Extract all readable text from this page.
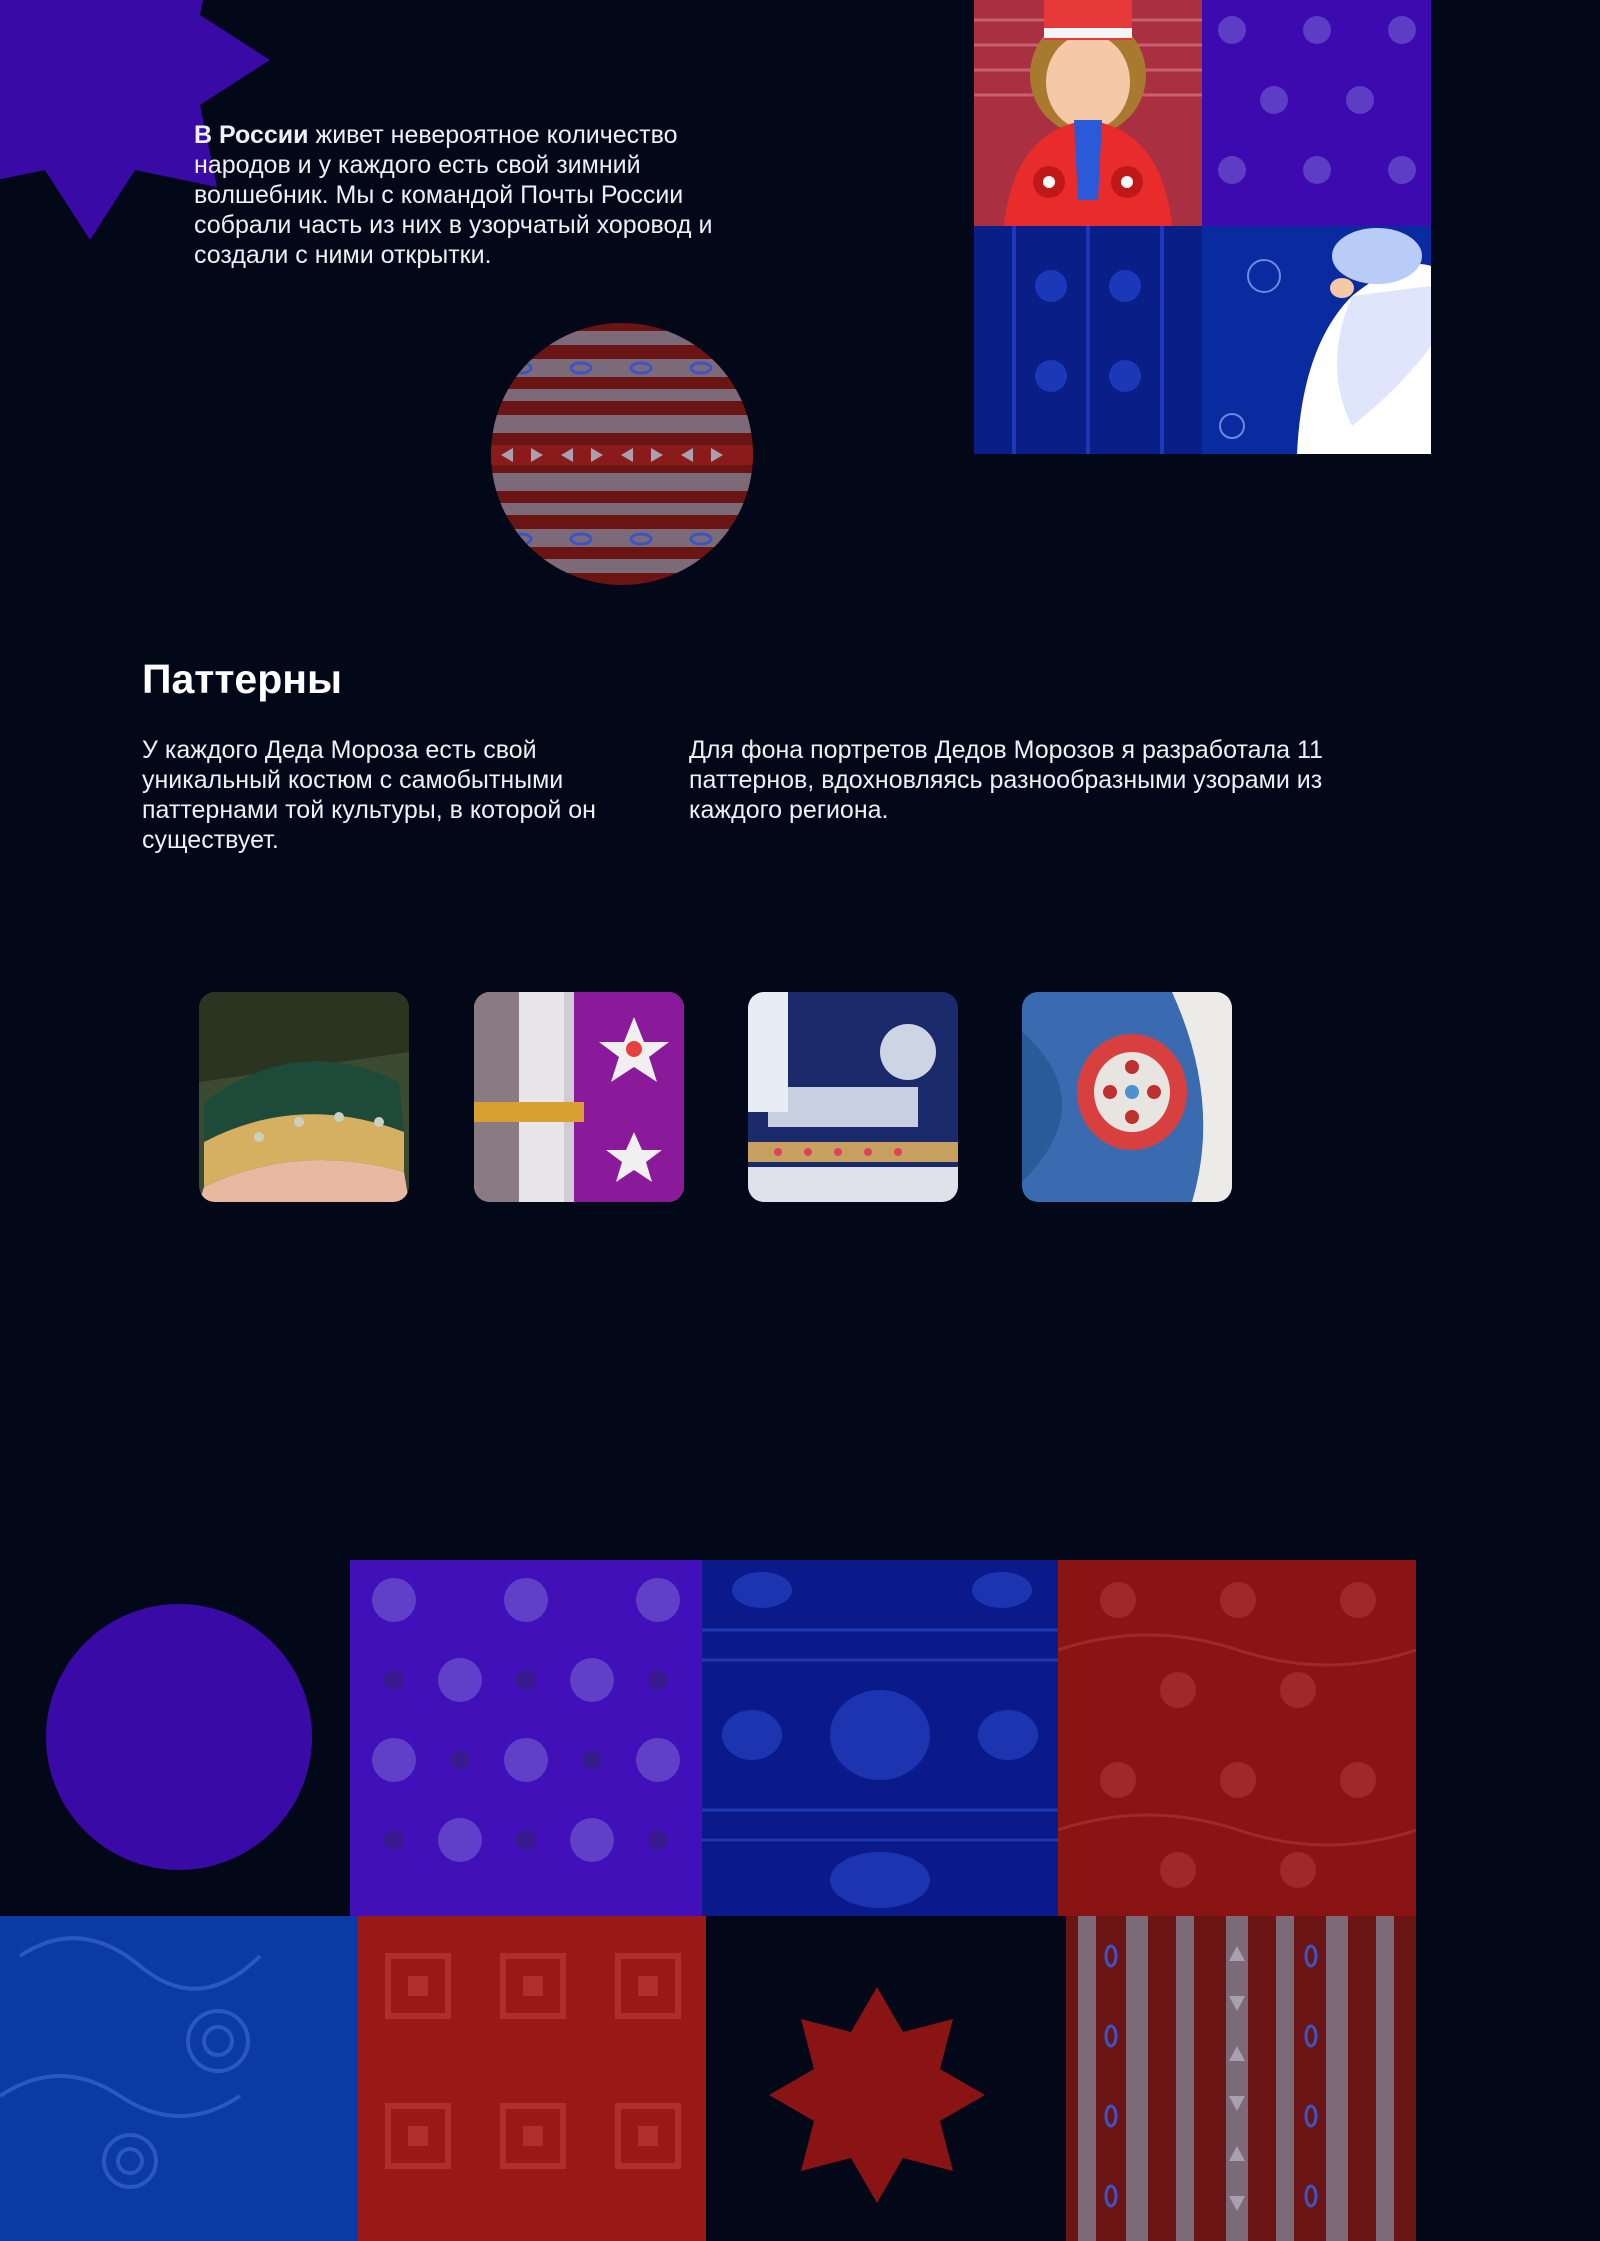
В России живет невероятное количество народов и у каждого есть свой зимний волшебник. Мы с командой Почты России собрали часть из них в узорчатый хоровод и создали с ними открытки.

Паттерны

У каждого Деда Мороза есть свой уникальный костюм с самобытными паттернами той культуры, в которой он существует.

Для фона портретов Дедов Морозов я разработала 11 паттернов, вдохновляясь разнообразными узорами из каждого региона.
